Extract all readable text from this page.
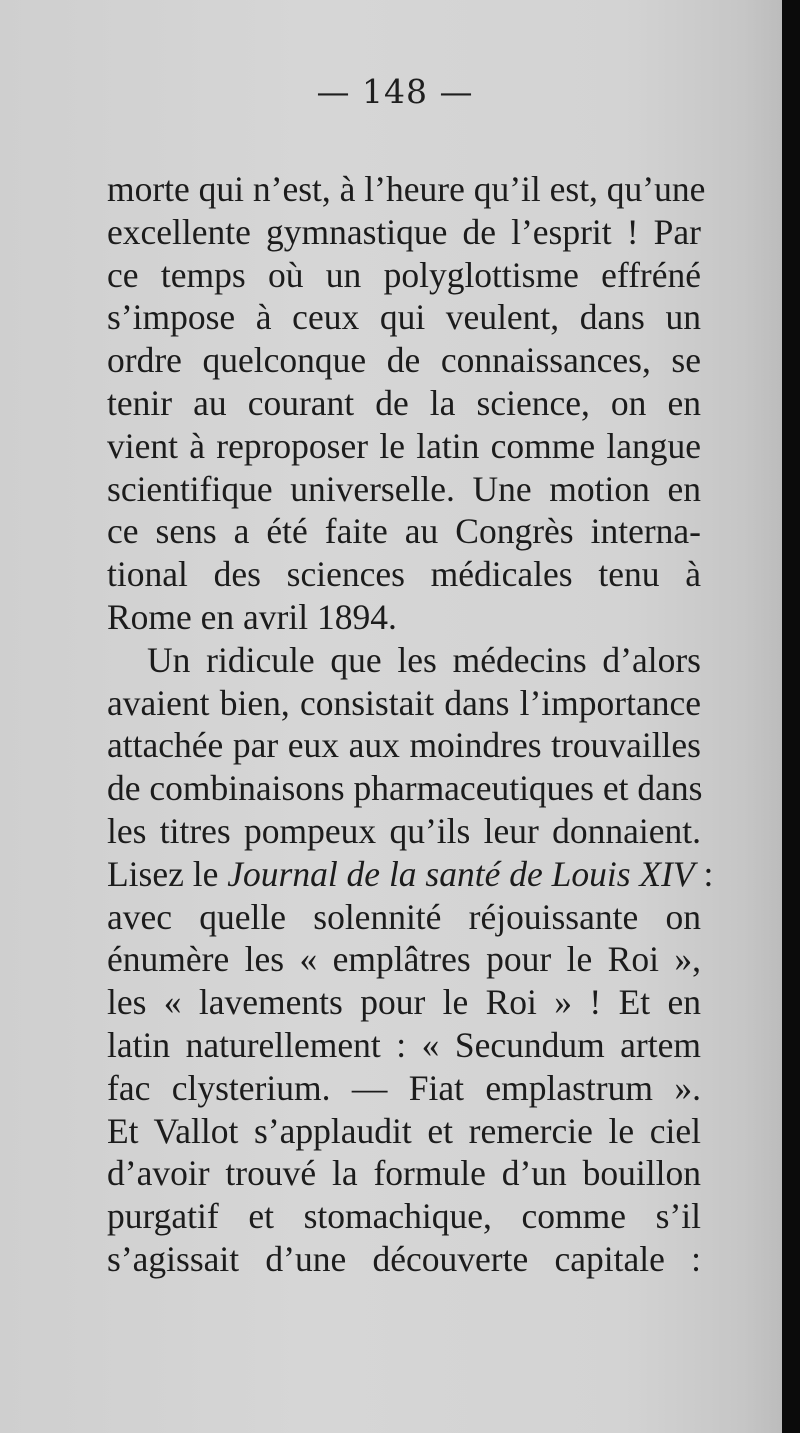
— 148 —
morte qui n’est, à l’heure qu’il est, qu’une
excellente gymnastique de l’esprit ! Par
ce temps où un polyglottisme effréné
s’impose à ceux qui veulent, dans un
ordre quelconque de connaissances, se
tenir au courant de la science, on en
vient à reproposer le latin comme langue
scientifique universelle. Une motion en
ce sens a été faite au Congrès interna-
tional des sciences médicales tenu à
Rome en avril 1894.
Un ridicule que les médecins d’alors
avaient bien, consistait dans l’importance
attachée par eux aux moindres trouvailles
de combinaisons pharmaceutiques et dans
les titres pompeux qu’ils leur donnaient.
Lisez le Journal de la santé de Louis XIV :
avec quelle solennité réjouissante on
énumère les « emplâtres pour le Roi »,
les « lavements pour le Roi » ! Et en
latin naturellement : « Secundum artem
fac clysterium. — Fiat emplastrum ».
Et Vallot s’applaudit et remercie le ciel
d’avoir trouvé la formule d’un bouillon
purgatif et stomachique, comme s’il
s’agissait d’une découverte capitale :
